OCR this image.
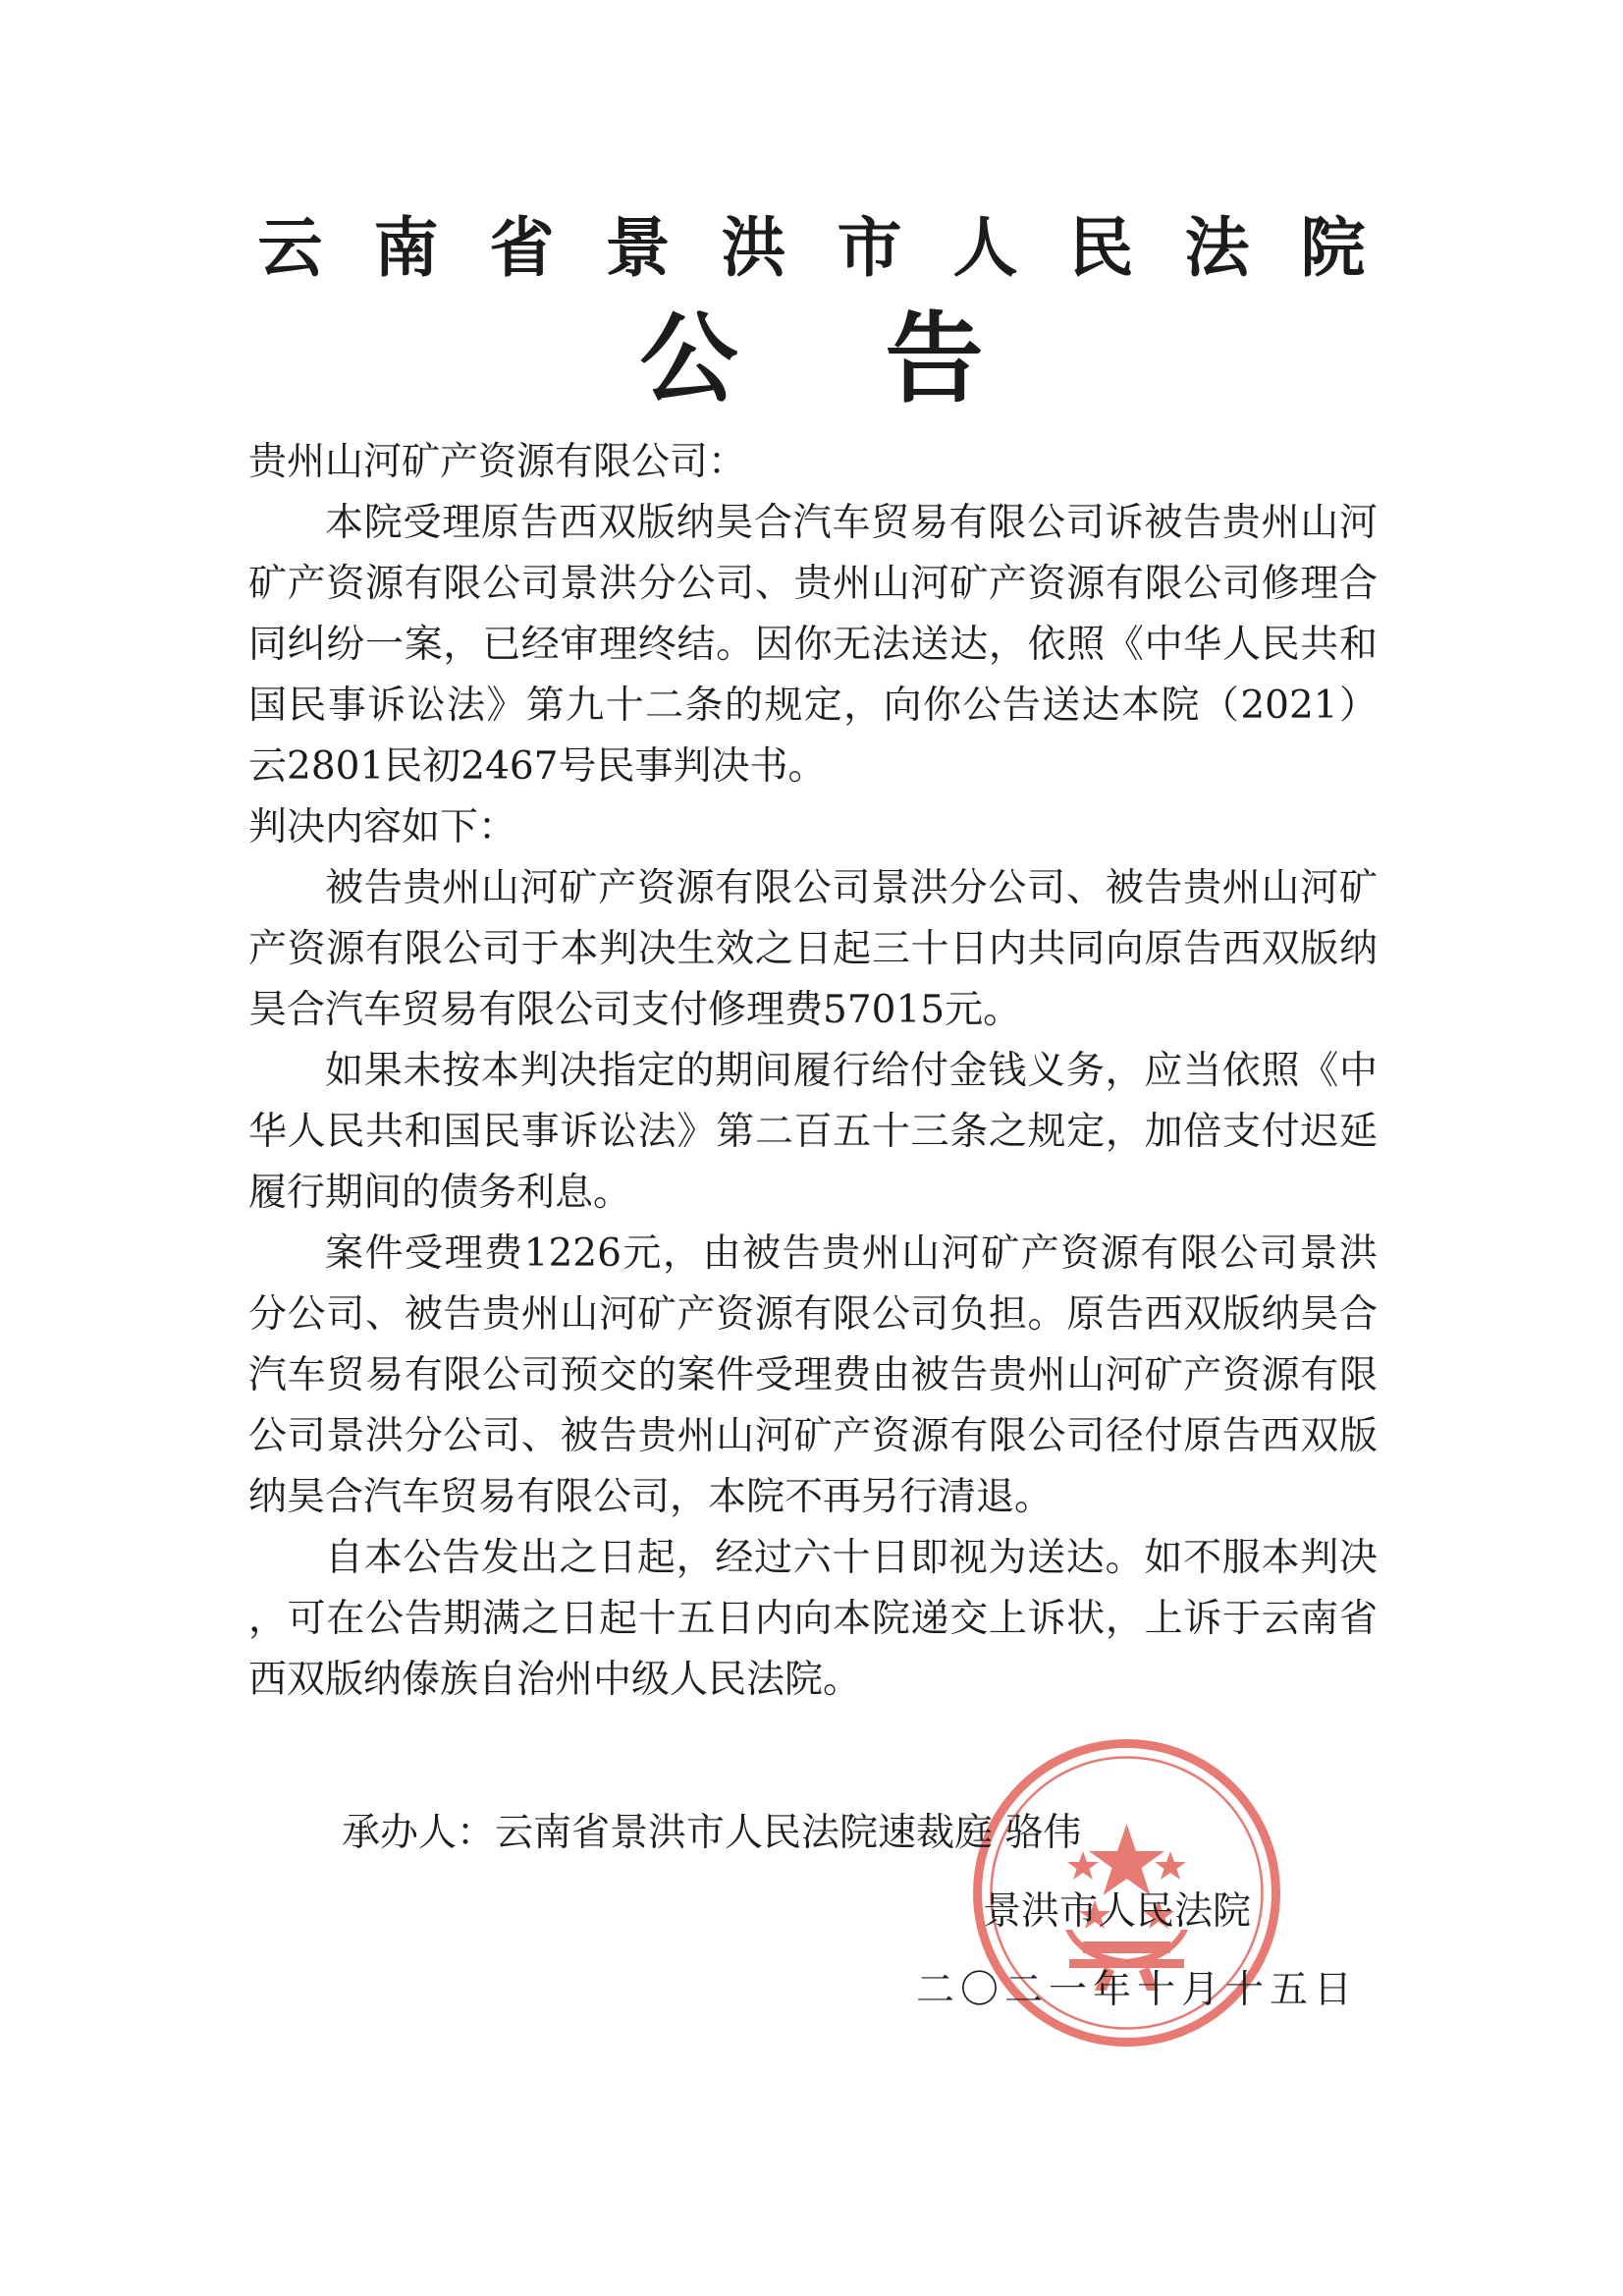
云南省景洪市人民法院
公告

贵州山河矿产资源有限公司：

本院受理原告西双版纳昊合汽车贸易有限公司诉被告贵州山河矿产资源有限公司景洪分公司、贵州山河矿产资源有限公司修理合同纠纷一案，已经审理终结。因你无法送达，依照《中华人民共和国民事诉讼法》第九十二条的规定，向你公告送达本院（2021）云2801民初2467号民事判决书。

判决内容如下：

被告贵州山河矿产资源有限公司景洪分公司、被告贵州山河矿产资源有限公司于本判决生效之日起三十日内共同向原告西双版纳昊合汽车贸易有限公司支付修理费57015元。

如果未按本判决指定的期间履行给付金钱义务，应当依照《中华人民共和国民事诉讼法》第二百五十三条之规定，加倍支付迟延履行期间的债务利息。

案件受理费1226元，由被告贵州山河矿产资源有限公司景洪分公司、被告贵州山河矿产资源有限公司负担。原告西双版纳昊合汽车贸易有限公司预交的案件受理费由被告贵州山河矿产资源有限公司景洪分公司、被告贵州山河矿产资源有限公司径付原告西双版纳昊合汽车贸易有限公司，本院不再另行清退。

自本公告发出之日起，经过六十日即视为送达。如不服本判决 ，可在公告期满之日起十五日内向本院递交上诉状，上诉于云南省西双版纳傣族自治州中级人民法院。

承办人：云南省景洪市人民法院速裁庭 骆伟
景洪市人民法院
二〇二一年十月十五日
